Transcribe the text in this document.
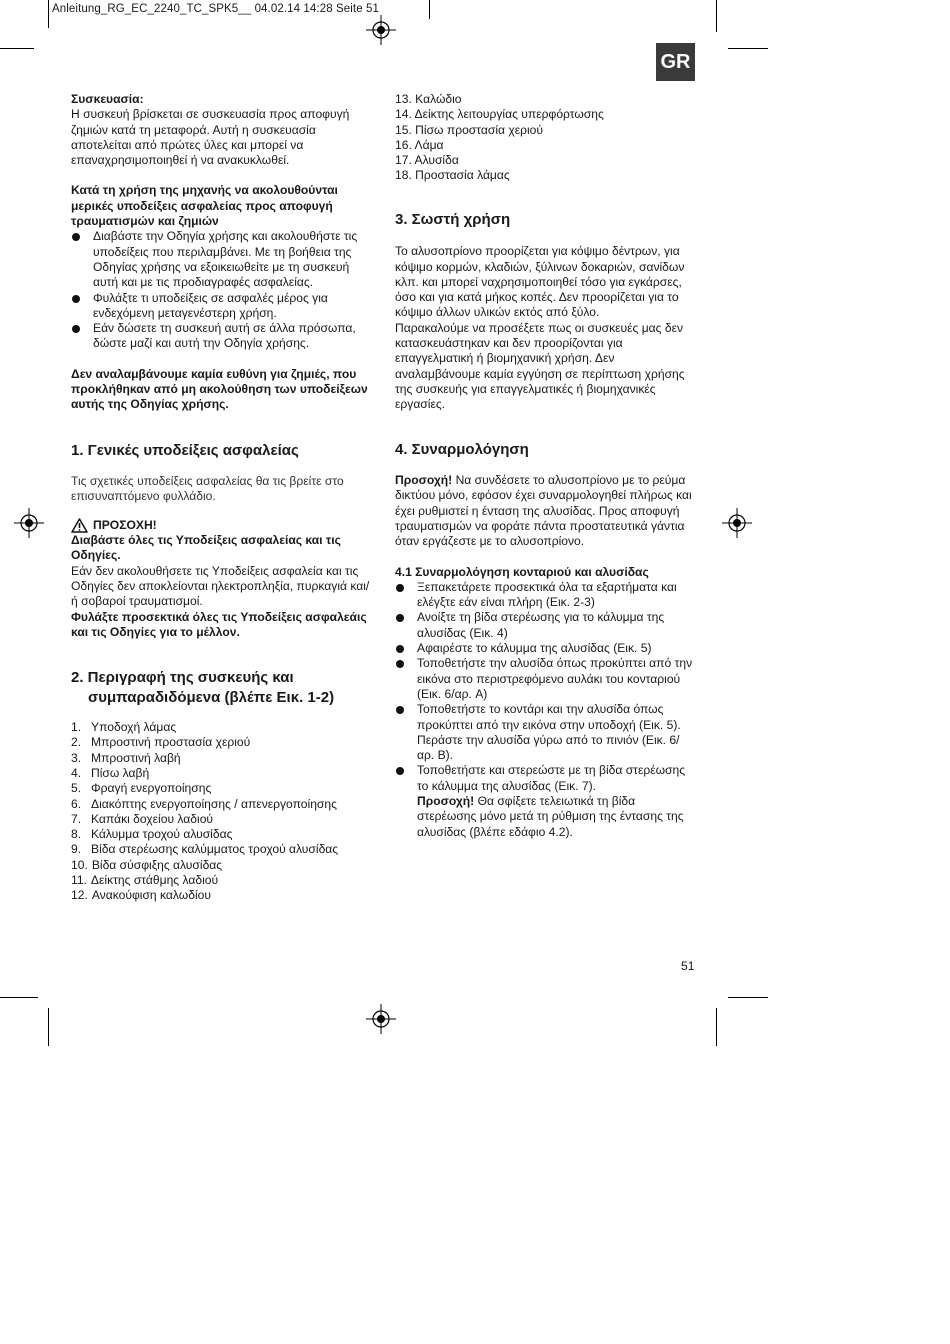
Anleitung_RG_EC_2240_TC_SPK5__ 04.02.14 14:28 Seite 51
GR

Συσκευασία:

Η συσκευή βρίσκεται σε συσκευασία προς αποφυγή ζημιών κατά τη μεταφορά. Αυτή η συσκευασία αποτελείται από πρώτες ύλες και μπορεί να επαναχρησιμοποιηθεί ή να ανακυκλωθεί.

Κατά τη χρήση της μηχανής να ακολουθούνται μερικές υποδείξεις ασφαλείας προς αποφυγή τραυματισμών και ζημιών

Διαβάστε την Οδηγία χρήσης και ακολουθήστε τις υποδείξεις που περιλαμβάνει. Με τη βοήθεια της Οδηγίας χρήσης να εξοικειωθείτε με τη συσκευή αυτή και με τις προδιαγραφές ασφαλείας.
Φυλάξτε τι υποδείξεις σε ασφαλές μέρος για ενδεχόμενη μεταγενέστερη χρήση.
Εάν δώσετε τη συσκευή αυτή σε άλλα πρόσωπα, δώστε μαζί και αυτή την Οδηγία χρήσης.

Δεν αναλαμβάνουμε καμία ευθύνη για ζημιές, που προκλήθηκαν από μη ακολούθηση των υποδείξεων αυτής της Οδηγίας χρήσης.

1. Γενικές υποδείξεις ασφαλείας

Τις σχετικές υποδείξεις ασφαλείας θα τις βρείτε στο επισυναπτόμενο φυλλάδιο.

ΠΡΟΣΟΧΗ!

Διαβάστε όλες τις Υποδείξεις ασφαλείας και τις Οδηγίες.

Εάν δεν ακολουθήσετε τις Υποδείξεις ασφαλεία και τις Οδηγίες δεν αποκλείονται ηλεκτροπληξία, πυρκαγιά και/ή σοβαροί τραυματισμοί.

Φυλάξτε προσεκτικά όλες τις Υποδείξεις ασφαλεάις και τις Οδηγίες για το μέλλον.

2. Περιγραφή της συσκευής και
συμπαραδιδόμενα (βλέπε Εικ. 1-2)

1. Υποδοχή λάμας
2. Μπροστινή προστασία χεριού
3. Μπροστινή λαβή
4. Πίσω λαβή
5. Φραγή ενεργοποίησης
6. Διακόπτης ενεργοποίησης / απενεργοποίησης
7. Καπάκι δοχείου λαδιού
8. Κάλυμμα τροχού αλυσίδας
9. Βίδα στερέωσης καλύμματος τροχού αλυσίδας
10. Βίδα σύσφιξης αλυσίδας
11. Δείκτης στάθμης λαδιού
12. Ανακούφιση καλωδίου
13. Καλώδιο
14. Δείκτης λειτουργίας υπερφόρτωσης
15. Πίσω προστασία χεριού
16. Λάμα
17. Αλυσίδα
18. Προστασία λάμας

3. Σωστή χρήση

Το αλυσοπρίονο προορίζεται για κόψιμο δέντρων, για κόψιμο κορμών, κλαδιών, ξύλινων δοκαριών, σανίδων κλπ. και μπορεί ναχρησιμοποιηθεί τόσο για εγκάρσες, όσο και για κατά μήκος κοπές. Δεν προορίζεται για το κόψιμο άλλων υλικών εκτός από ξύλο.

Παρακαλούμε να προσέξετε πως οι συσκευές μας δεν κατασκευάστηκαν και δεν προορίζονται για επαγγελματική ή βιομηχανική χρήση. Δεν αναλαμβάνουμε καμία εγγύηση σε περίπτωση χρήσης της συσκευής για επαγγελματικές ή βιομηχανικές εργασίες.

4. Συναρμολόγηση

Προσοχή! Να συνδέσετε το αλυσοπρίονο με το ρεύμα δικτύου μόνο, εφόσον έχει συναρμολογηθεί πλήρως και έχει ρυθμιστεί η ένταση της αλυσίδας. Προς αποφυγή τραυματισμών να φοράτε πάντα προστατευτικά γάντια όταν εργάζεστε με το αλυσοπρίονο.

4.1 Συναρμολόγηση κονταριού και αλυσίδας

Ξεπακετάρετε προσεκτικά όλα τα εξαρτήματα και ελέγξτε εάν είναι πλήρη (Εικ. 2-3)
Ανοίξτε τη βίδα στερέωσης για το κάλυμμα της αλυσίδας (Εικ. 4)
Αφαιρέστε το κάλυμμα της αλυσίδας (Εικ. 5)
Τοποθετήστε την αλυσίδα όπως προκύπτει από την εικόνα στο περιστρεφόμενο αυλάκι του κονταριού (Εικ. 6/αρ. A)
Τοποθετήστε το κοντάρι και την αλυσίδα όπως προκύπτει από την εικόνα στην υποδοχή (Εικ. 5). Περάστε την αλυσίδα γύρω από το πινιόν (Εικ. 6/ αρ. B).
Τοποθετήστε και στερεώστε με τη βίδα στερέωσης το κάλυμμα της αλυσίδας (Εικ. 7).

Προσοχή! Θα σφίξετε τελειωτικά τη βίδα στερέωσης μόνο μετά τη ρύθμιση της έντασης της αλυσίδας (βλέπε εδάφιο 4.2).

51
